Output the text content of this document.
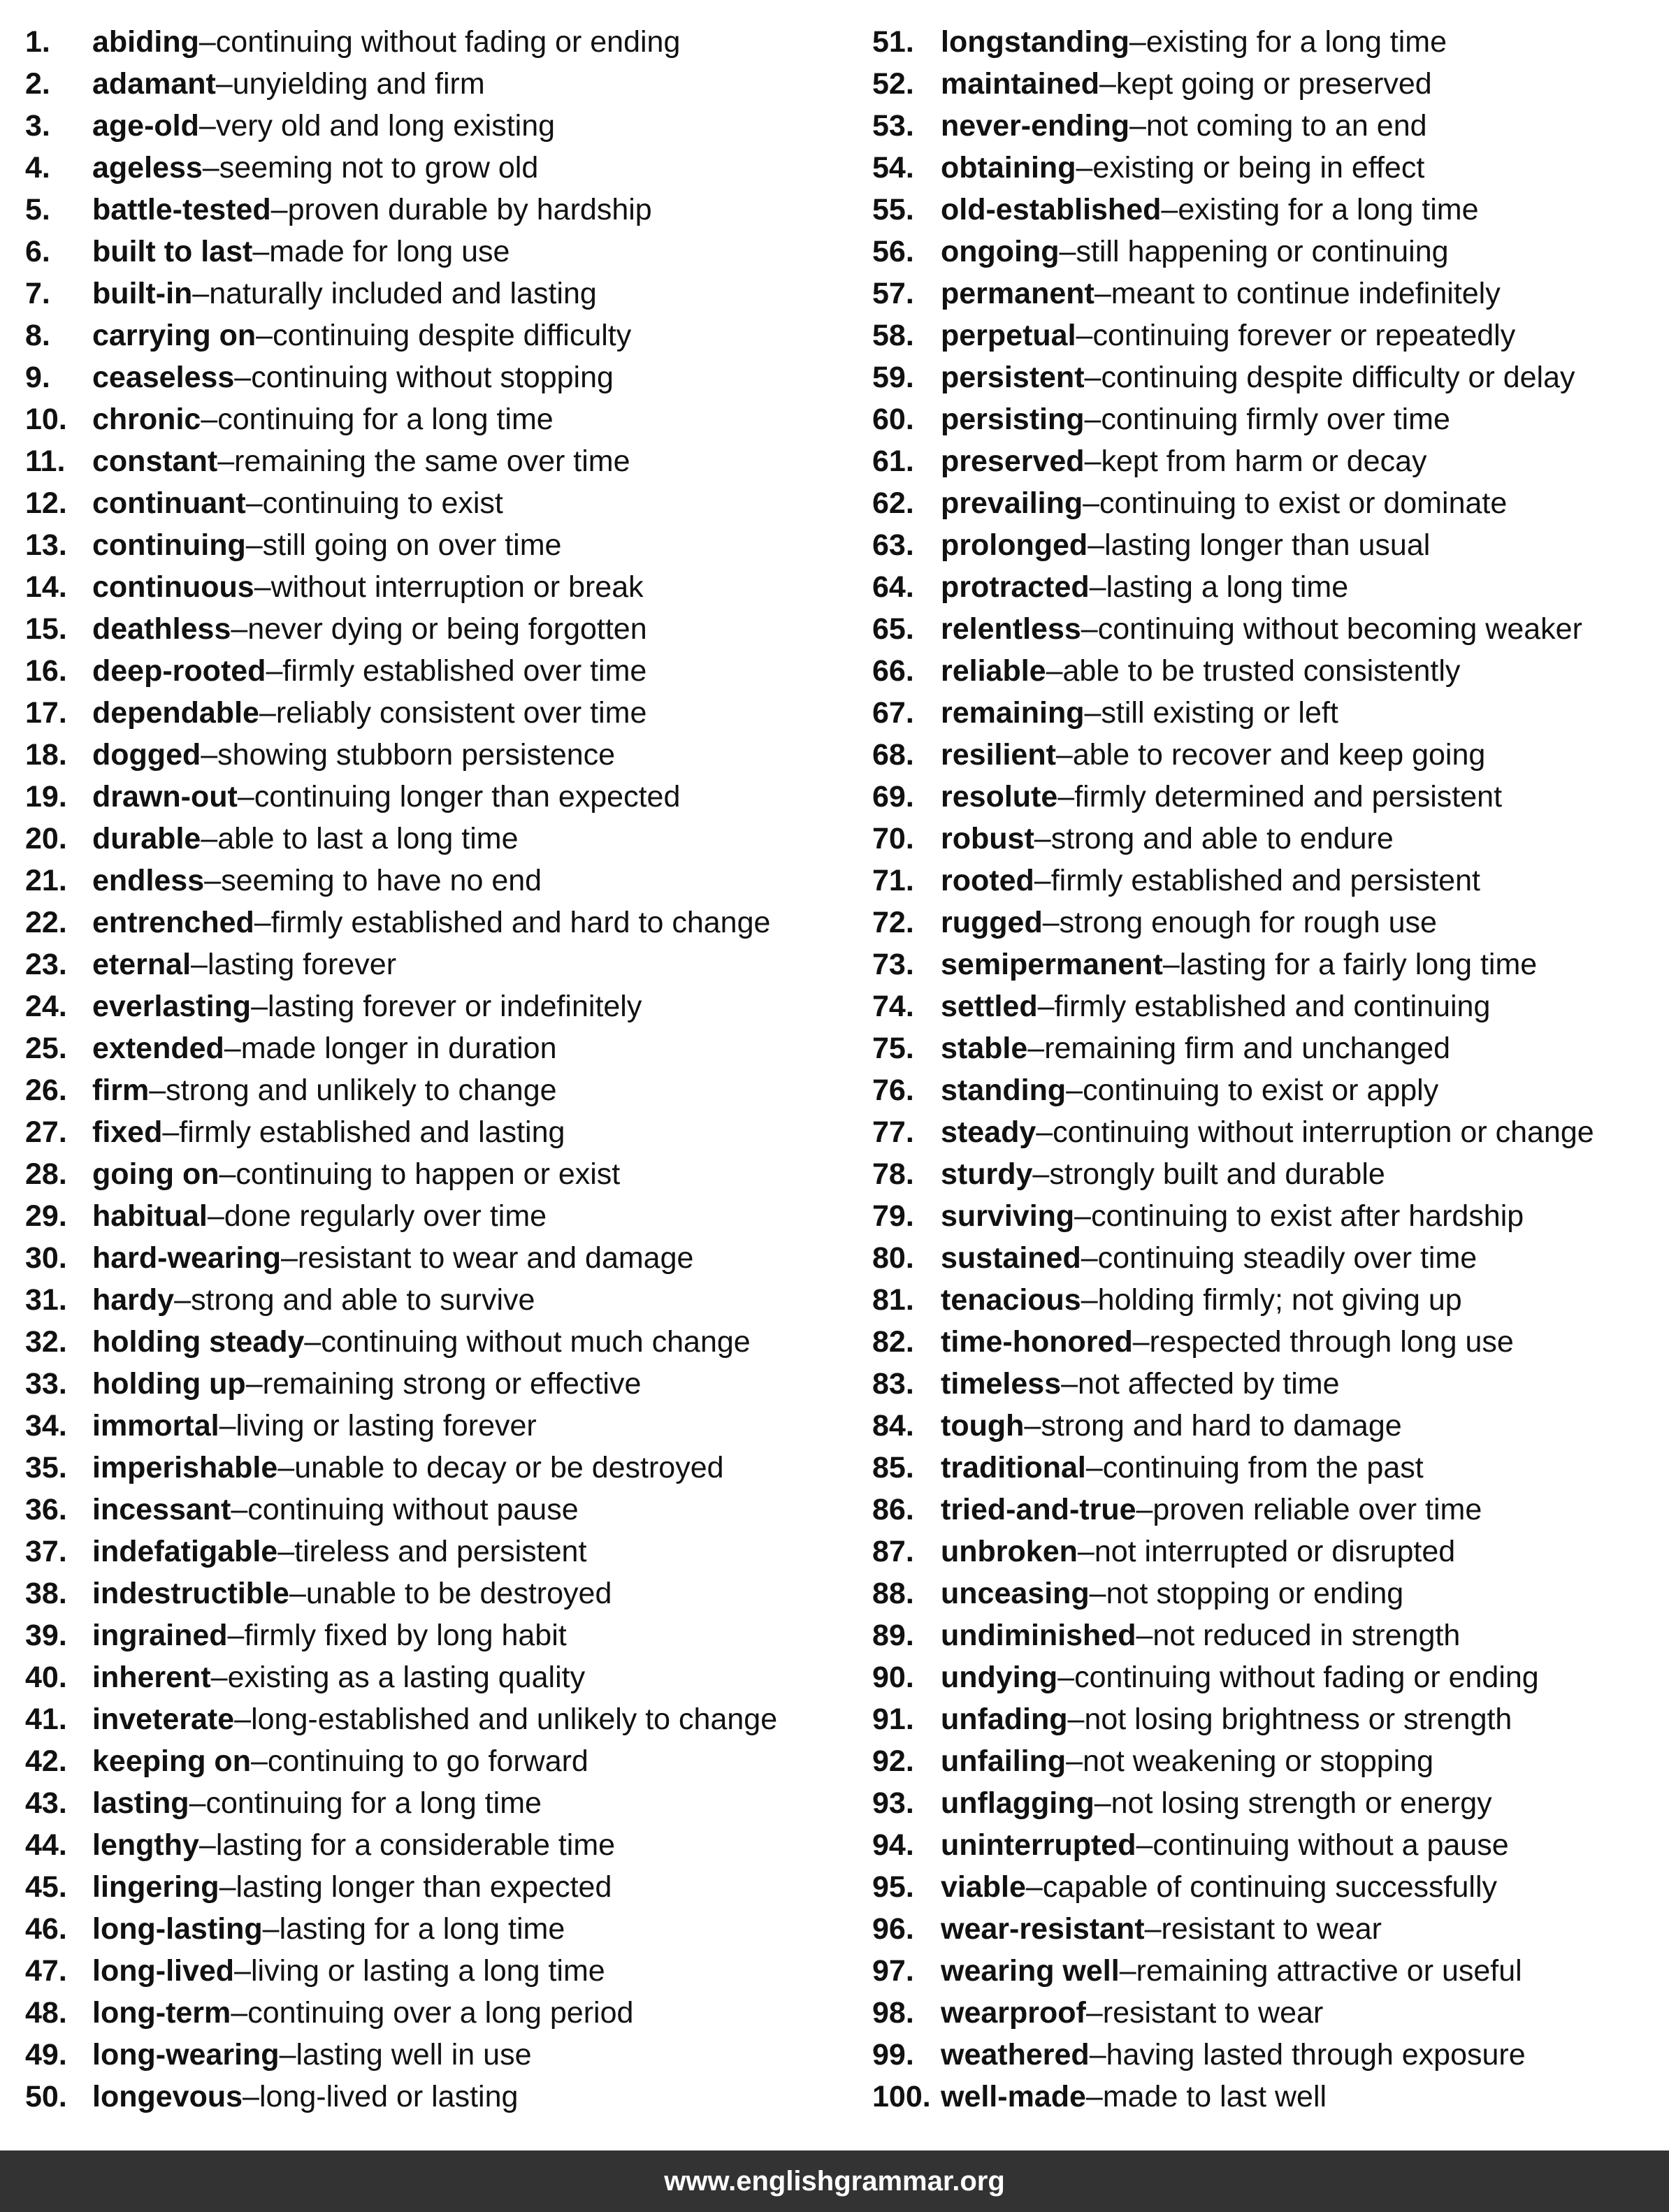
1.	abiding – continuing without fading or ending
2.	adamant – unyielding and firm
3.	age-old – very old and long existing
4.	ageless – seeming not to grow old
5.	battle-tested – proven durable by hardship
6.	built to last – made for long use
7.	built-in – naturally included and lasting
8.	carrying on – continuing despite difficulty
9.	ceaseless – continuing without stopping
10. chronic – continuing for a long time
11. constant – remaining the same over time
12. continuant – continuing to exist
13. continuing – still going on over time
14. continuous – without interruption or break
15. deathless – never dying or being forgotten
16. deep-rooted – firmly established over time
17. dependable – reliably consistent over time
18. dogged – showing stubborn persistence
19. drawn-out – continuing longer than expected
20. durable – able to last a long time
21. endless – seeming to have no end
22. entrenched – firmly established and hard to change
23. eternal – lasting forever
24. everlasting – lasting forever or indefinitely
25. extended – made longer in duration
26. firm – strong and unlikely to change
27. fixed – firmly established and lasting
28. going on – continuing to happen or exist
29. habitual – done regularly over time
30. hard-wearing – resistant to wear and damage
31. hardy – strong and able to survive
32. holding steady – continuing without much change
33. holding up – remaining strong or effective
34. immortal – living or lasting forever
35. imperishable – unable to decay or be destroyed
36. incessant – continuing without pause
37. indefatigable – tireless and persistent
38. indestructible – unable to be destroyed
39. ingrained – firmly fixed by long habit
40. inherent – existing as a lasting quality
41. inveterate – long-established and unlikely to change
42. keeping on – continuing to go forward
43. lasting – continuing for a long time
44. lengthy – lasting for a considerable time
45. lingering – lasting longer than expected
46. long-lasting – lasting for a long time
47. long-lived – living or lasting a long time
48. long-term – continuing over a long period
49. long-wearing – lasting well in use
50. longevous – long-lived or lasting
51. longstanding – existing for a long time
52. maintained – kept going or preserved
53. never-ending – not coming to an end
54. obtaining – existing or being in effect
55. old-established – existing for a long time
56. ongoing – still happening or continuing
57. permanent – meant to continue indefinitely
58. perpetual – continuing forever or repeatedly
59. persistent – continuing despite difficulty or delay
60. persisting – continuing firmly over time
61. preserved – kept from harm or decay
62. prevailing – continuing to exist or dominate
63. prolonged – lasting longer than usual
64. protracted – lasting a long time
65. relentless – continuing without becoming weaker
66. reliable – able to be trusted consistently
67. remaining – still existing or left
68. resilient – able to recover and keep going
69. resolute – firmly determined and persistent
70. robust – strong and able to endure
71. rooted – firmly established and persistent
72. rugged – strong enough for rough use
73. semipermanent – lasting for a fairly long time
74. settled – firmly established and continuing
75. stable – remaining firm and unchanged
76. standing – continuing to exist or apply
77. steady – continuing without interruption or change
78. sturdy – strongly built and durable
79. surviving – continuing to exist after hardship
80. sustained – continuing steadily over time
81. tenacious – holding firmly; not giving up
82. time-honored – respected through long use
83. timeless – not affected by time
84. tough – strong and hard to damage
85. traditional – continuing from the past
86. tried-and-true – proven reliable over time
87. unbroken – not interrupted or disrupted
88. unceasing – not stopping or ending
89. undiminished – not reduced in strength
90. undying – continuing without fading or ending
91. unfading – not losing brightness or strength
92. unfailing – not weakening or stopping
93. unflagging – not losing strength or energy
94. uninterrupted – continuing without a pause
95. viable – capable of continuing successfully
96. wear-resistant – resistant to wear
97. wearing well – remaining attractive or useful
98. wearproof – resistant to wear
99. weathered – having lasted through exposure
100. well-made – made to last well
www.englishgrammar.org
